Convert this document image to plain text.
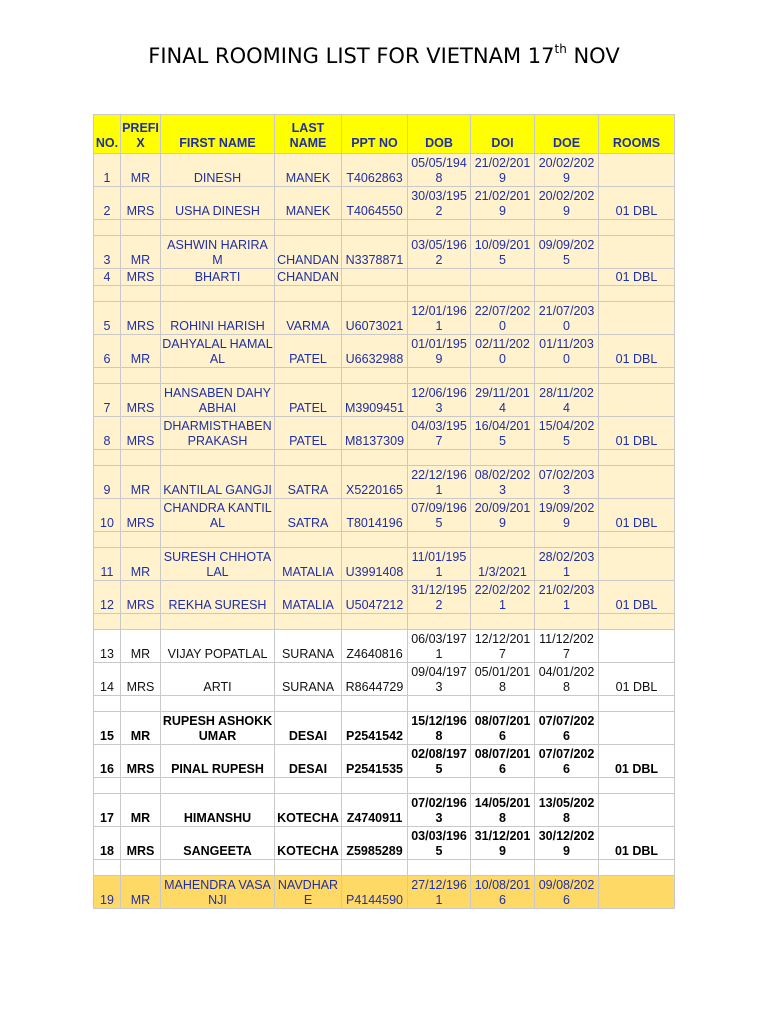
FINAL ROOMING LIST FOR VIETNAM 17th NOV
NO.	PREFIX	FIRST NAME	LAST NAME	PPT NO	DOB	DOI	DOE	ROOMS
1	MR	DINESH	MANEK	T4062863	05/05/1948	21/02/2019	20/02/2029	
2	MRS	USHA DINESH	MANEK	T4064550	30/03/1952	21/02/2019	20/02/2029	01 DBL

3	MR	ASHWIN HARIRAM	CHANDAN	N3378871	03/05/1962	10/09/2015	09/09/2025	
4	MRS	BHARTI	CHANDAN					01 DBL

5	MRS	ROHINI HARISH	VARMA	U6073021	12/01/1961	22/07/2020	21/07/2030	
6	MR	DAHYALAL HAMALAL	PATEL	U6632988	01/01/1959	02/11/2020	01/11/2030	01 DBL

7	MRS	HANSABEN DAHYABHAI	PATEL	M3909451	12/06/1963	29/11/2014	28/11/2024	
8	MRS	DHARMISTHABEN PRAKASH	PATEL	M8137309	04/03/1957	16/04/2015	15/04/2025	01 DBL

9	MR	KANTILAL GANGJI	SATRA	X5220165	22/12/1961	08/02/2023	07/02/2033	
10	MRS	CHANDRA KANTILAL	SATRA	T8014196	07/09/1965	20/09/2019	19/09/2029	01 DBL

11	MR	SURESH CHHOTALAL	MATALIA	U3991408	11/01/1951	1/3/2021	28/02/2031	
12	MRS	REKHA SURESH	MATALIA	U5047212	31/12/1952	22/02/2021	21/02/2031	01 DBL

13	MR	VIJAY POPATLAL	SURANA	Z4640816	06/03/1971	12/12/2017	11/12/2027	
14	MRS	ARTI	SURANA	R8644729	09/04/1973	05/01/2018	04/01/2028	01 DBL

15	MR	RUPESH ASHOKKUMAR	DESAI	P2541542	15/12/1968	08/07/2016	07/07/2026	
16	MRS	PINAL RUPESH	DESAI	P2541535	02/08/1975	08/07/2016	07/07/2026	01 DBL

17	MR	HIMANSHU	KOTECHA	Z4740911	07/02/1963	14/05/2018	13/05/2028	
18	MRS	SANGEETA	KOTECHA	Z5985289	03/03/1965	31/12/2019	30/12/2029	01 DBL

19	MR	MAHENDRA VASANJI	NAVDHARE	P4144590	27/12/1961	10/08/2016	09/08/2026	
